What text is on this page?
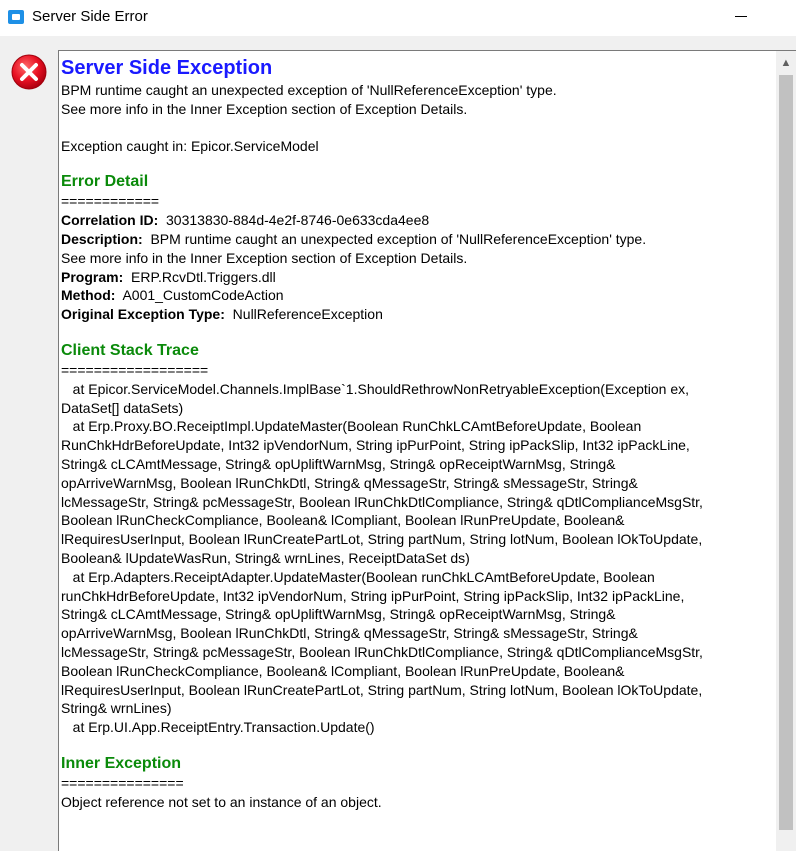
Server Side Error

Server Side Exception

BPM runtime caught an unexpected exception of 'NullReferenceException' type.

See more info in the Inner Exception section of Exception Details.

Exception caught in: Epicor.ServiceModel

Error Detail

============

Correlation ID: 30313830-884d-4e2f-8746-0e633cda4ee8

Description: BPM runtime caught an unexpected exception of 'NullReferenceException' type.

See more info in the Inner Exception section of Exception Details.

Program: ERP.RcvDtl.Triggers.dll

Method: A001_CustomCodeAction

Original Exception Type: NullReferenceException

Client Stack Trace

==================

at Epicor.ServiceModel.Channels.ImplBase`1.ShouldRethrowNonRetryableException(Exception ex,

DataSet[] dataSets)

at Erp.Proxy.BO.ReceiptImpl.UpdateMaster(Boolean RunChkLCAmtBeforeUpdate, Boolean

RunChkHdrBeforeUpdate, Int32 ipVendorNum, String ipPurPoint, String ipPackSlip, Int32 ipPackLine,

String& cLCAmtMessage, String& opUpliftWarnMsg, String& opReceiptWarnMsg, String&

opArriveWarnMsg, Boolean lRunChkDtl, String& qMessageStr, String& sMessageStr, String&

lcMessageStr, String& pcMessageStr, Boolean lRunChkDtlCompliance, String& qDtlComplianceMsgStr,

Boolean lRunCheckCompliance, Boolean& lCompliant, Boolean lRunPreUpdate, Boolean&

lRequiresUserInput, Boolean lRunCreatePartLot, String partNum, String lotNum, Boolean lOkToUpdate,

Boolean& lUpdateWasRun, String& wrnLines, ReceiptDataSet ds)

at Erp.Adapters.ReceiptAdapter.UpdateMaster(Boolean runChkLCAmtBeforeUpdate, Boolean

runChkHdrBeforeUpdate, Int32 ipVendorNum, String ipPurPoint, String ipPackSlip, Int32 ipPackLine,

String& cLCAmtMessage, String& opUpliftWarnMsg, String& opReceiptWarnMsg, String&

opArriveWarnMsg, Boolean lRunChkDtl, String& qMessageStr, String& sMessageStr, String&

lcMessageStr, String& pcMessageStr, Boolean lRunChkDtlCompliance, String& qDtlComplianceMsgStr,

Boolean lRunCheckCompliance, Boolean& lCompliant, Boolean lRunPreUpdate, Boolean&

lRequiresUserInput, Boolean lRunCreatePartLot, String partNum, String lotNum, Boolean lOkToUpdate,

String& wrnLines)

at Erp.UI.App.ReceiptEntry.Transaction.Update()

Inner Exception

===============

Object reference not set to an instance of an object.

▲
